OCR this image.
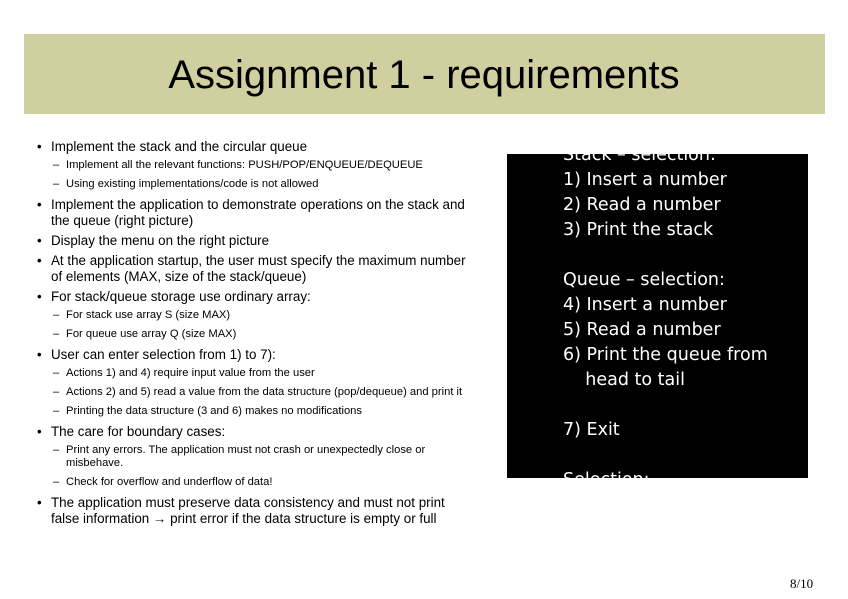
Assignment 1 - requirements
• Implement the stack and the circular queue
– Implement all the relevant functions: PUSH/POP/ENQUEUE/DEQUEUE
– Using existing implementations/code is not allowed
• Implement the application to demonstrate operations on the stack and the queue (right picture)
• Display the menu on the right picture
• At the application startup, the user must specify the maximum number of elements (MAX, size of the stack/queue)
• For stack/queue storage use ordinary array:
– For stack use array S (size MAX)
– For queue use array Q (size MAX)
• User can enter selection from 1) to 7):
– Actions 1) and 4) require input value from the user
– Actions 2) and 5) read a value from the data structure (pop/dequeue) and print it
– Printing the data structure (3 and 6) makes no modifications
• The care for boundary cases:
– Print any errors. The application must not crash or unexpectedly close or misbehave.
– Check for overflow and underflow of data!
• The application must preserve data consistency and must not print false information → print error if the data structure is empty or full
Stack – selection:
1) Insert a number
2) Read a number
3) Print the stack
Queue – selection:
4) Insert a number
5) Read a number
6) Print the queue from
head to tail
7) Exit
Selection:
8/10
